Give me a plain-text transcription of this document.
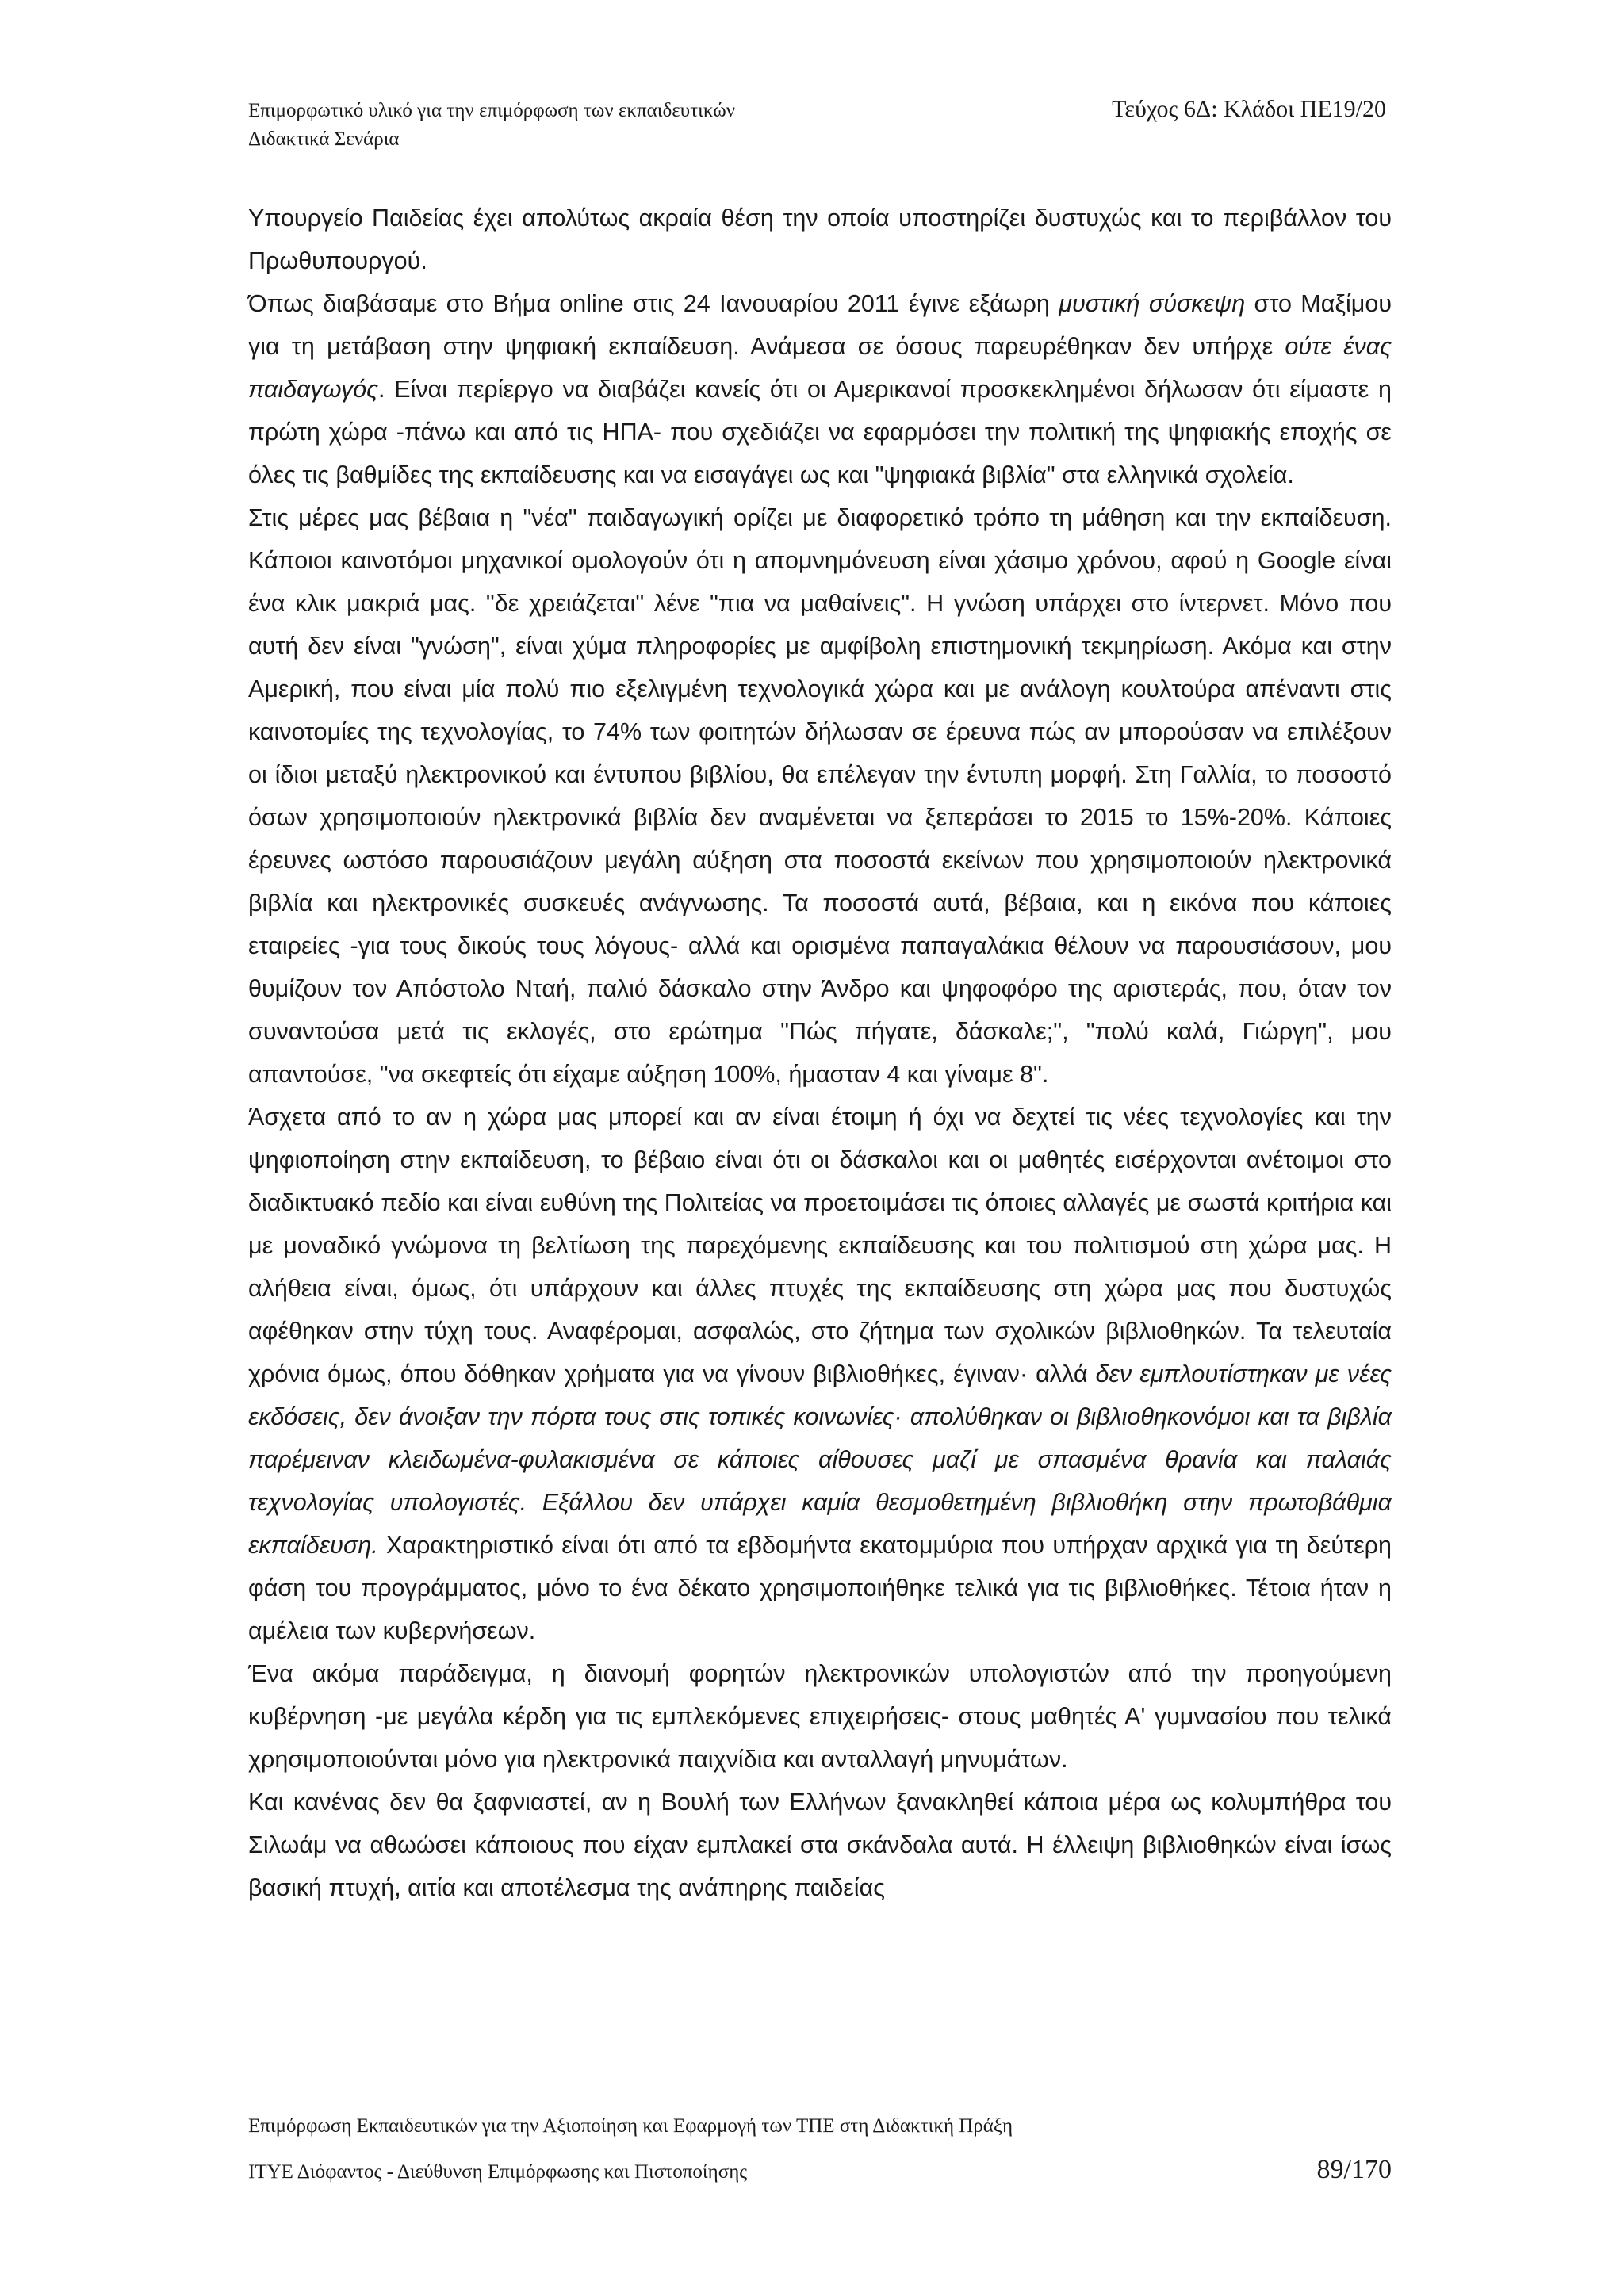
Επιμορφωτικό υλικό για την επιμόρφωση των εκπαιδευτικών
Διδακτικά Σενάρια
Τεύχος 6Δ: Κλάδοι ΠΕ19/20

Υπουργείο Παιδείας έχει απολύτως ακραία θέση την οποία υποστηρίζει δυστυχώς και το περιβάλλον του Πρωθυπουργού.

Όπως διαβάσαμε στο Βήμα online στις 24 Ιανουαρίου 2011 έγινε εξάωρη μυστική σύσκεψη στο Μαξίμου για τη μετάβαση στην ψηφιακή εκπαίδευση. Ανάμεσα σε όσους παρευρέθηκαν δεν υπήρχε ούτε ένας παιδαγωγός. Είναι περίεργο να διαβάζει κανείς ότι οι Αμερικανοί προσκεκλημένοι δήλωσαν ότι είμαστε η πρώτη χώρα -πάνω και από τις ΗΠΑ- που σχεδιάζει να εφαρμόσει την πολιτική της ψηφιακής εποχής σε όλες τις βαθμίδες της εκπαίδευσης και να εισαγάγει ως και "ψηφιακά βιβλία" στα ελληνικά σχολεία.

Στις μέρες μας βέβαια η "νέα" παιδαγωγική ορίζει με διαφορετικό τρόπο τη μάθηση και την εκπαίδευση. Κάποιοι καινοτόμοι μηχανικοί ομολογούν ότι η απομνημόνευση είναι χάσιμο χρόνου, αφού η Google είναι ένα κλικ μακριά μας. "δε χρειάζεται" λένε "πια να μαθαίνεις". Η γνώση υπάρχει στο ίντερνετ. Μόνο που αυτή δεν είναι "γνώση", είναι χύμα πληροφορίες με αμφίβολη επιστημονική τεκμηρίωση. Ακόμα και στην Αμερική, που είναι μία πολύ πιο εξελιγμένη τεχνολογικά χώρα και με ανάλογη κουλτούρα απέναντι στις καινοτομίες της τεχνολογίας, το 74% των φοιτητών δήλωσαν σε έρευνα πώς αν μπορούσαν να επιλέξουν οι ίδιοι μεταξύ ηλεκτρονικού και έντυπου βιβλίου, θα επέλεγαν την έντυπη μορφή. Στη Γαλλία, το ποσοστό όσων χρησιμοποιούν ηλεκτρονικά βιβλία δεν αναμένεται να ξεπεράσει το 2015 το 15%-20%. Κάποιες έρευνες ωστόσο παρουσιάζουν μεγάλη αύξηση στα ποσοστά εκείνων που χρησιμοποιούν ηλεκτρονικά βιβλία και ηλεκτρονικές συσκευές ανάγνωσης. Τα ποσοστά αυτά, βέβαια, και η εικόνα που κάποιες εταιρείες -για τους δικούς τους λόγους- αλλά και ορισμένα παπαγαλάκια θέλουν να παρουσιάσουν, μου θυμίζουν τον Απόστολο Νταή, παλιό δάσκαλο στην Άνδρο και ψηφοφόρο της αριστεράς, που, όταν τον συναντούσα μετά τις εκλογές, στο ερώτημα "Πώς πήγατε, δάσκαλε;", "πολύ καλά, Γιώργη", μου απαντούσε, "να σκεφτείς ότι είχαμε αύξηση 100%, ήμασταν 4 και γίναμε 8".

Άσχετα από το αν η χώρα μας μπορεί και αν είναι έτοιμη ή όχι να δεχτεί τις νέες τεχνολογίες και την ψηφιοποίηση στην εκπαίδευση, το βέβαιο είναι ότι οι δάσκαλοι και οι μαθητές εισέρχονται ανέτοιμοι στο διαδικτυακό πεδίο και είναι ευθύνη της Πολιτείας να προετοιμάσει τις όποιες αλλαγές με σωστά κριτήρια και με μοναδικό γνώμονα τη βελτίωση της παρεχόμενης εκπαίδευσης και του πολιτισμού στη χώρα μας. Η αλήθεια είναι, όμως, ότι υπάρχουν και άλλες πτυχές της εκπαίδευσης στη χώρα μας που δυστυχώς αφέθηκαν στην τύχη τους. Αναφέρομαι, ασφαλώς, στο ζήτημα των σχολικών βιβλιοθηκών. Τα τελευταία χρόνια όμως, όπου δόθηκαν χρήματα για να γίνουν βιβλιοθήκες, έγιναν· αλλά δεν εμπλουτίστηκαν με νέες εκδόσεις, δεν άνοιξαν την πόρτα τους στις τοπικές κοινωνίες· απολύθηκαν οι βιβλιοθηκονόμοι και τα βιβλία παρέμειναν κλειδωμένα-φυλακισμένα σε κάποιες αίθουσες μαζί με σπασμένα θρανία και παλαιάς τεχνολογίας υπολογιστές. Εξάλλου δεν υπάρχει καμία θεσμοθετημένη βιβλιοθήκη στην πρωτοβάθμια εκπαίδευση. Χαρακτηριστικό είναι ότι από τα εβδομήντα εκατομμύρια που υπήρχαν αρχικά για τη δεύτερη φάση του προγράμματος, μόνο το ένα δέκατο χρησιμοποιήθηκε τελικά για τις βιβλιοθήκες. Τέτοια ήταν η αμέλεια των κυβερνήσεων.

Ένα ακόμα παράδειγμα, η διανομή φορητών ηλεκτρονικών υπολογιστών από την προηγούμενη κυβέρνηση -με μεγάλα κέρδη για τις εμπλεκόμενες επιχειρήσεις- στους μαθητές Α' γυμνασίου που τελικά χρησιμοποιούνται μόνο για ηλεκτρονικά παιχνίδια και ανταλλαγή μηνυμάτων.

Και κανένας δεν θα ξαφνιαστεί, αν η Βουλή των Ελλήνων ξανακληθεί κάποια μέρα ως κολυμπήθρα του Σιλωάμ να αθωώσει κάποιους που είχαν εμπλακεί στα σκάνδαλα αυτά. Η έλλειψη βιβλιοθηκών είναι ίσως βασική πτυχή, αιτία και αποτέλεσμα της ανάπηρης παιδείας

Επιμόρφωση Εκπαιδευτικών για την Αξιοποίηση και Εφαρμογή των ΤΠΕ στη Διδακτική Πράξη
ΙΤΥΕ Διόφαντος - Διεύθυνση Επιμόρφωσης και Πιστοποίησης	89/170
